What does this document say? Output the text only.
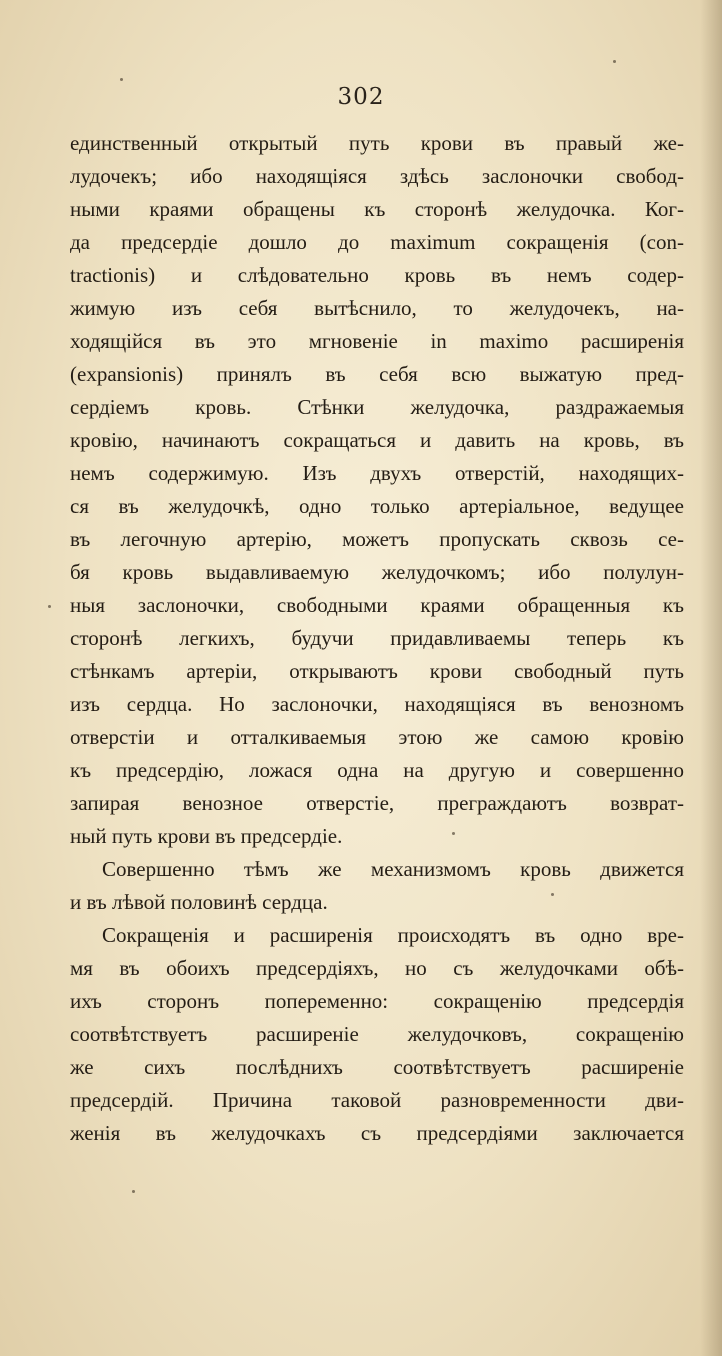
302
единственный открытый путь крови въ правый же-
лудочекъ; ибо находящіяся здѣсь заслоночки свобод-
ными краями обращены къ сторонѣ желудочка. Ког-
да предсердіе дошло до maximum сокращенія (con-
tractionis) и слѣдовательно кровь въ немъ содер-
жимую изъ себя вытѣснило, то желудочекъ, на-
ходящійся въ это мгновеніе in maximo расширенія
(expansionis) принялъ въ себя всю выжатую пред-
сердіемъ кровь. Стѣнки желудочка, раздражаемыя
кровію, начинаютъ сокращаться и давить на кровь, въ
немъ содержимую. Изъ двухъ отверстій, находящих-
ся въ желудочкѣ, одно только артеріальное, ведущее
въ легочную артерію, можетъ пропускать сквозь се-
бя кровь выдавливаемую желудочкомъ; ибо полулун-
ныя заслоночки, свободными краями обращенныя къ
сторонѣ легкихъ, будучи придавливаемы теперь къ
стѣнкамъ артеріи, открываютъ крови свободный путь
изъ сердца. Но заслоночки, находящіяся въ венозномъ
отверстіи и отталкиваемыя этою же самою кровію
къ предсердію, ложася одна на другую и совершенно
запирая венозное отверстіе, преграждаютъ возврат-
ный путь крови въ предсердіе.
Совершенно тѣмъ же механизмомъ кровь движется
и въ лѣвой половинѣ сердца.
Сокращенія и расширенія происходятъ въ одно вре-
мя въ обоихъ предсердіяхъ, но съ желудочками обѣ-
ихъ сторонъ попеременно: сокращенію предсердія
соотвѣтствуетъ расширеніе желудочковъ, сокращенію
же сихъ послѣднихъ соотвѣтствуетъ расширеніе
предсердій. Причина таковой разновременности дви-
женія въ желудочкахъ съ предсердіями заключается
